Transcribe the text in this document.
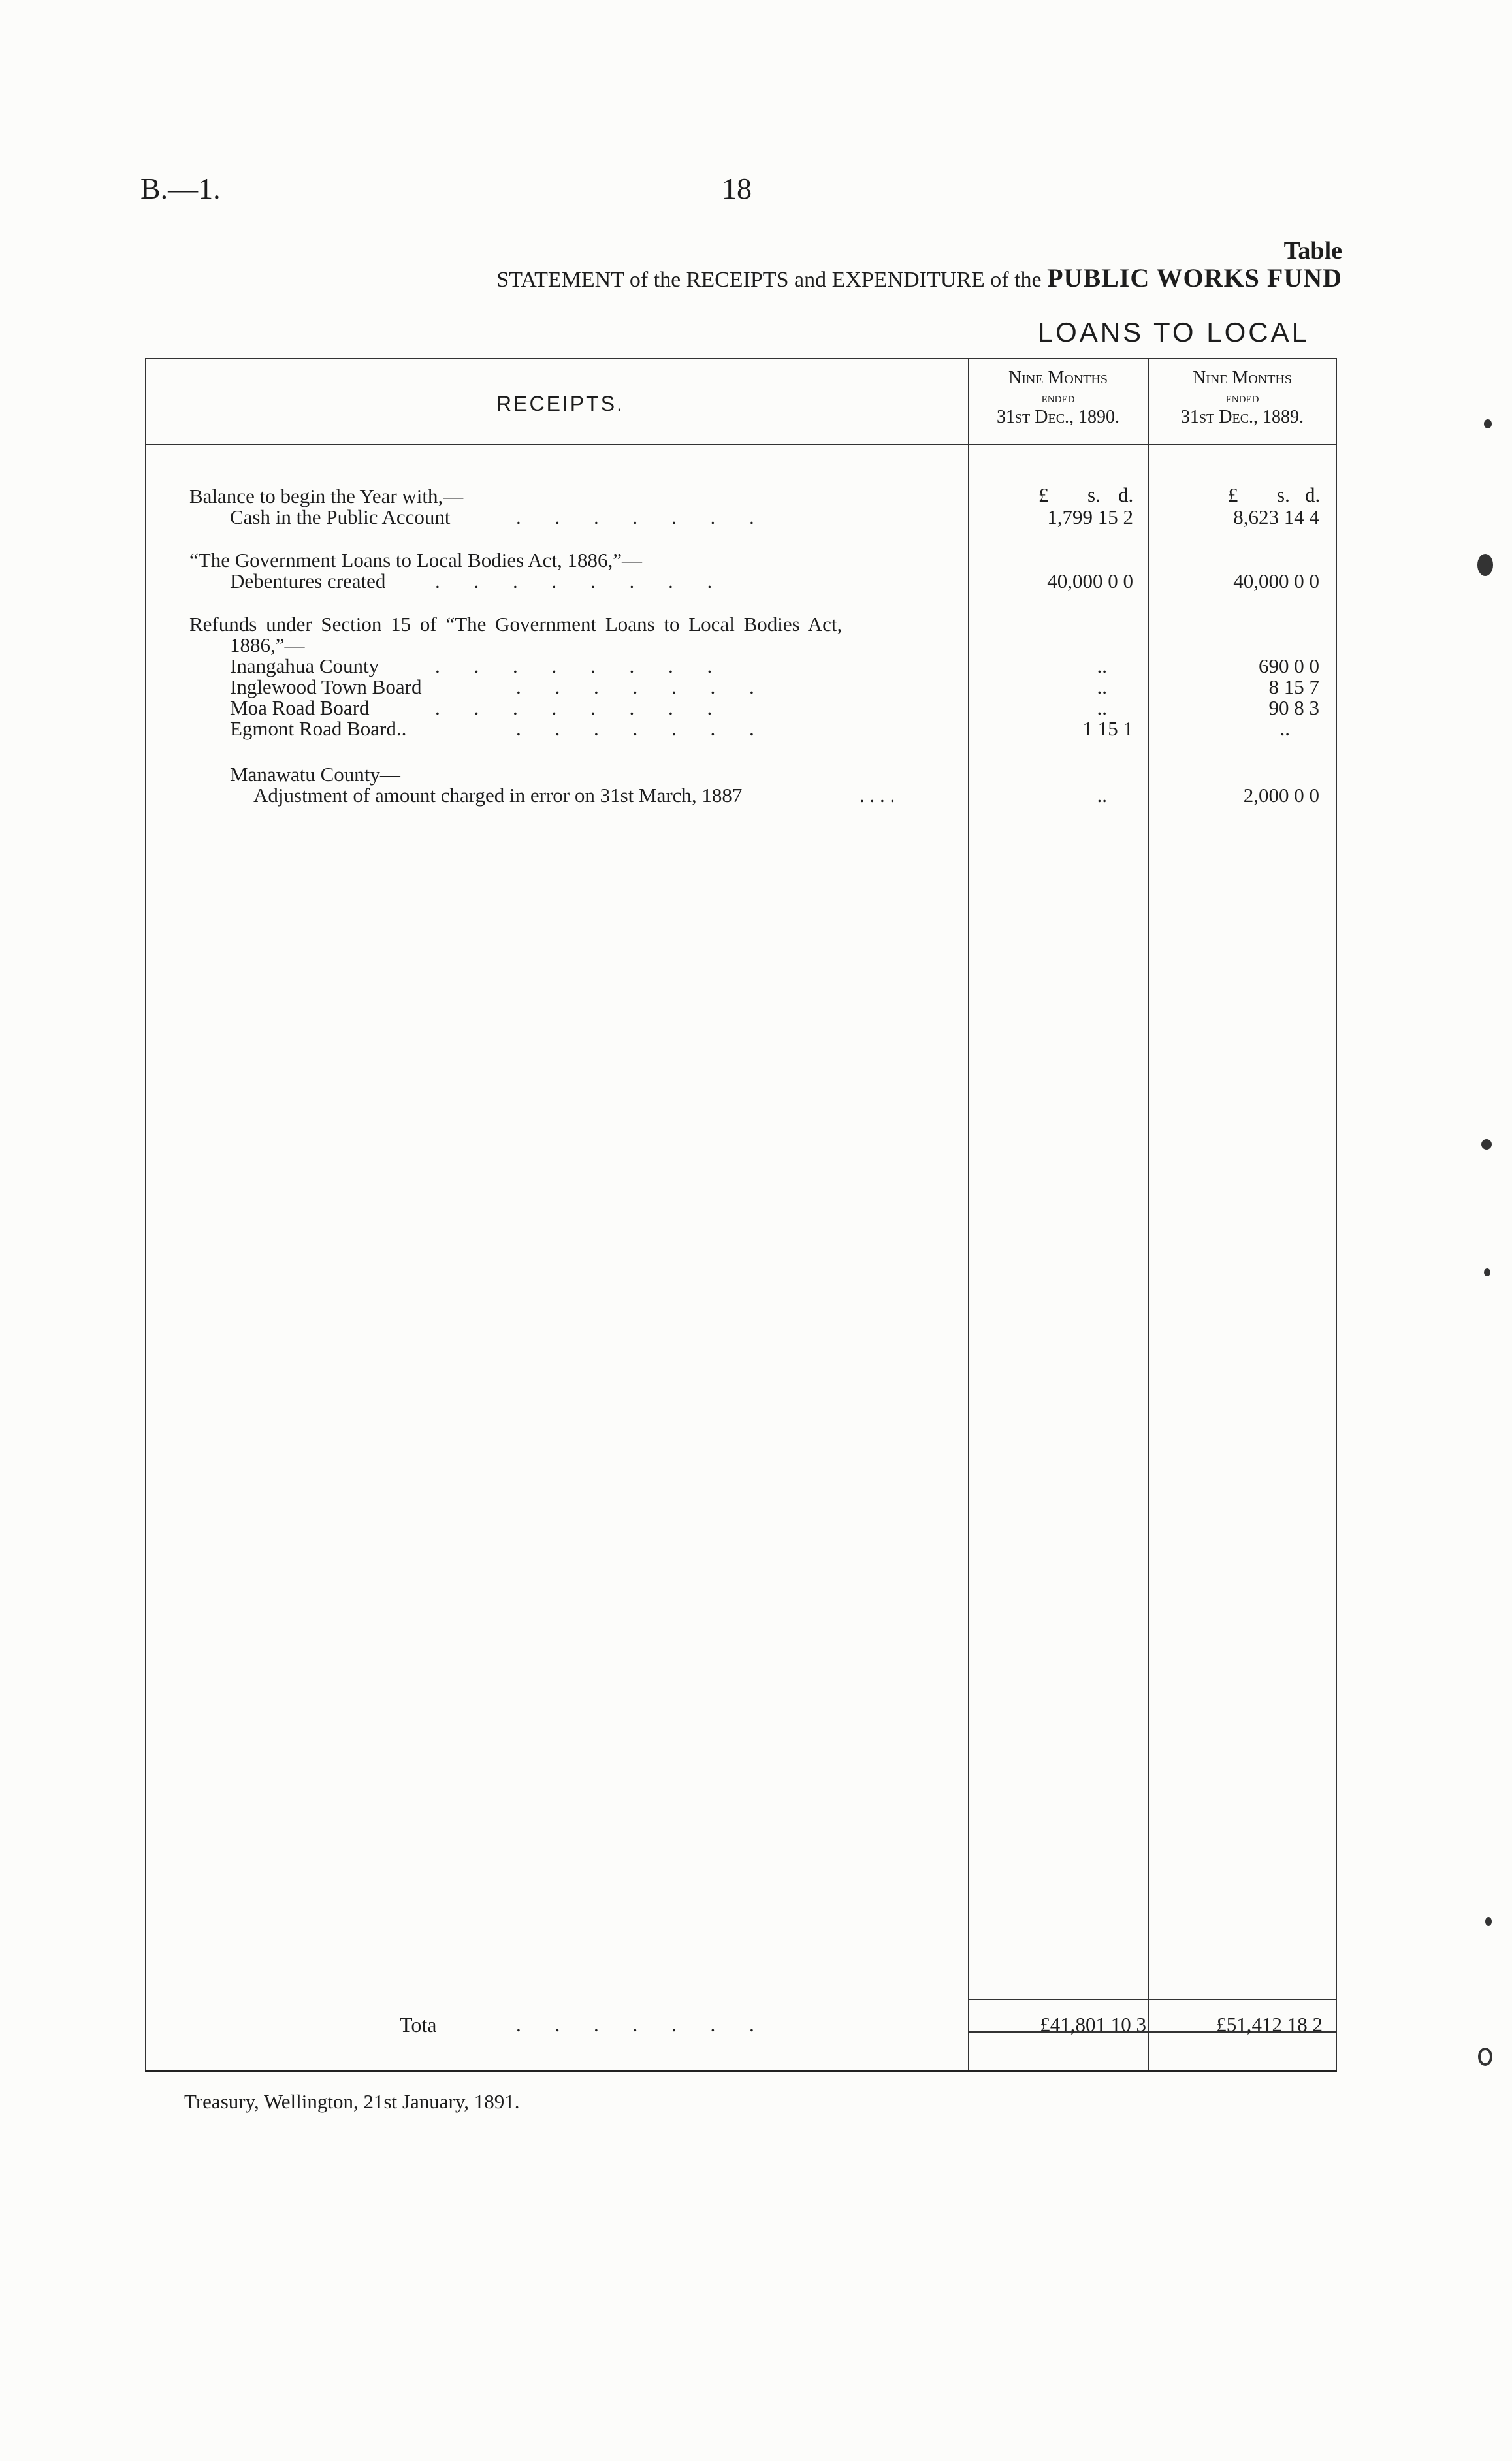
B.—1.	18
Table
STATEMENT of the RECEIPTS and EXPENDITURE of the PUBLIC WORKS FUND
LOANS TO LOCAL
RECEIPTS.
Nine Months
ended
31st Dec., 1890.
Nine Months
ended
31st Dec., 1889.
£ s. d.	£ s. d.
Balance to begin the Year with,—
Cash in the Public Account	. . . . . . .	1,799 15 2	8,623 14 4
“The Government Loans to Local Bodies Act, 1886,”—
Debentures created . . . . . . . .	40,000 0 0	40,000 0 0
Refunds under Section 15 of “The Government Loans to Local Bodies Act,
1886,”—
Inangahua County	. . . . . . . .	..	690 0 0
Inglewood Town Board	. . . . . . .	..	8 15 7
Moa Road Board	. . . . . . . .	..	90 8 3
Egmont Road Board..	. . . . . . .	1 15 1	..
Manawatu County—
Adjustment of amount charged in error on 31st March, 1887	. . . .	..	2,000 0 0
Tota	. . . . . . .	£41,801 10 3	£51,412 18 2
Treasury, Wellington, 21st January, 1891.
